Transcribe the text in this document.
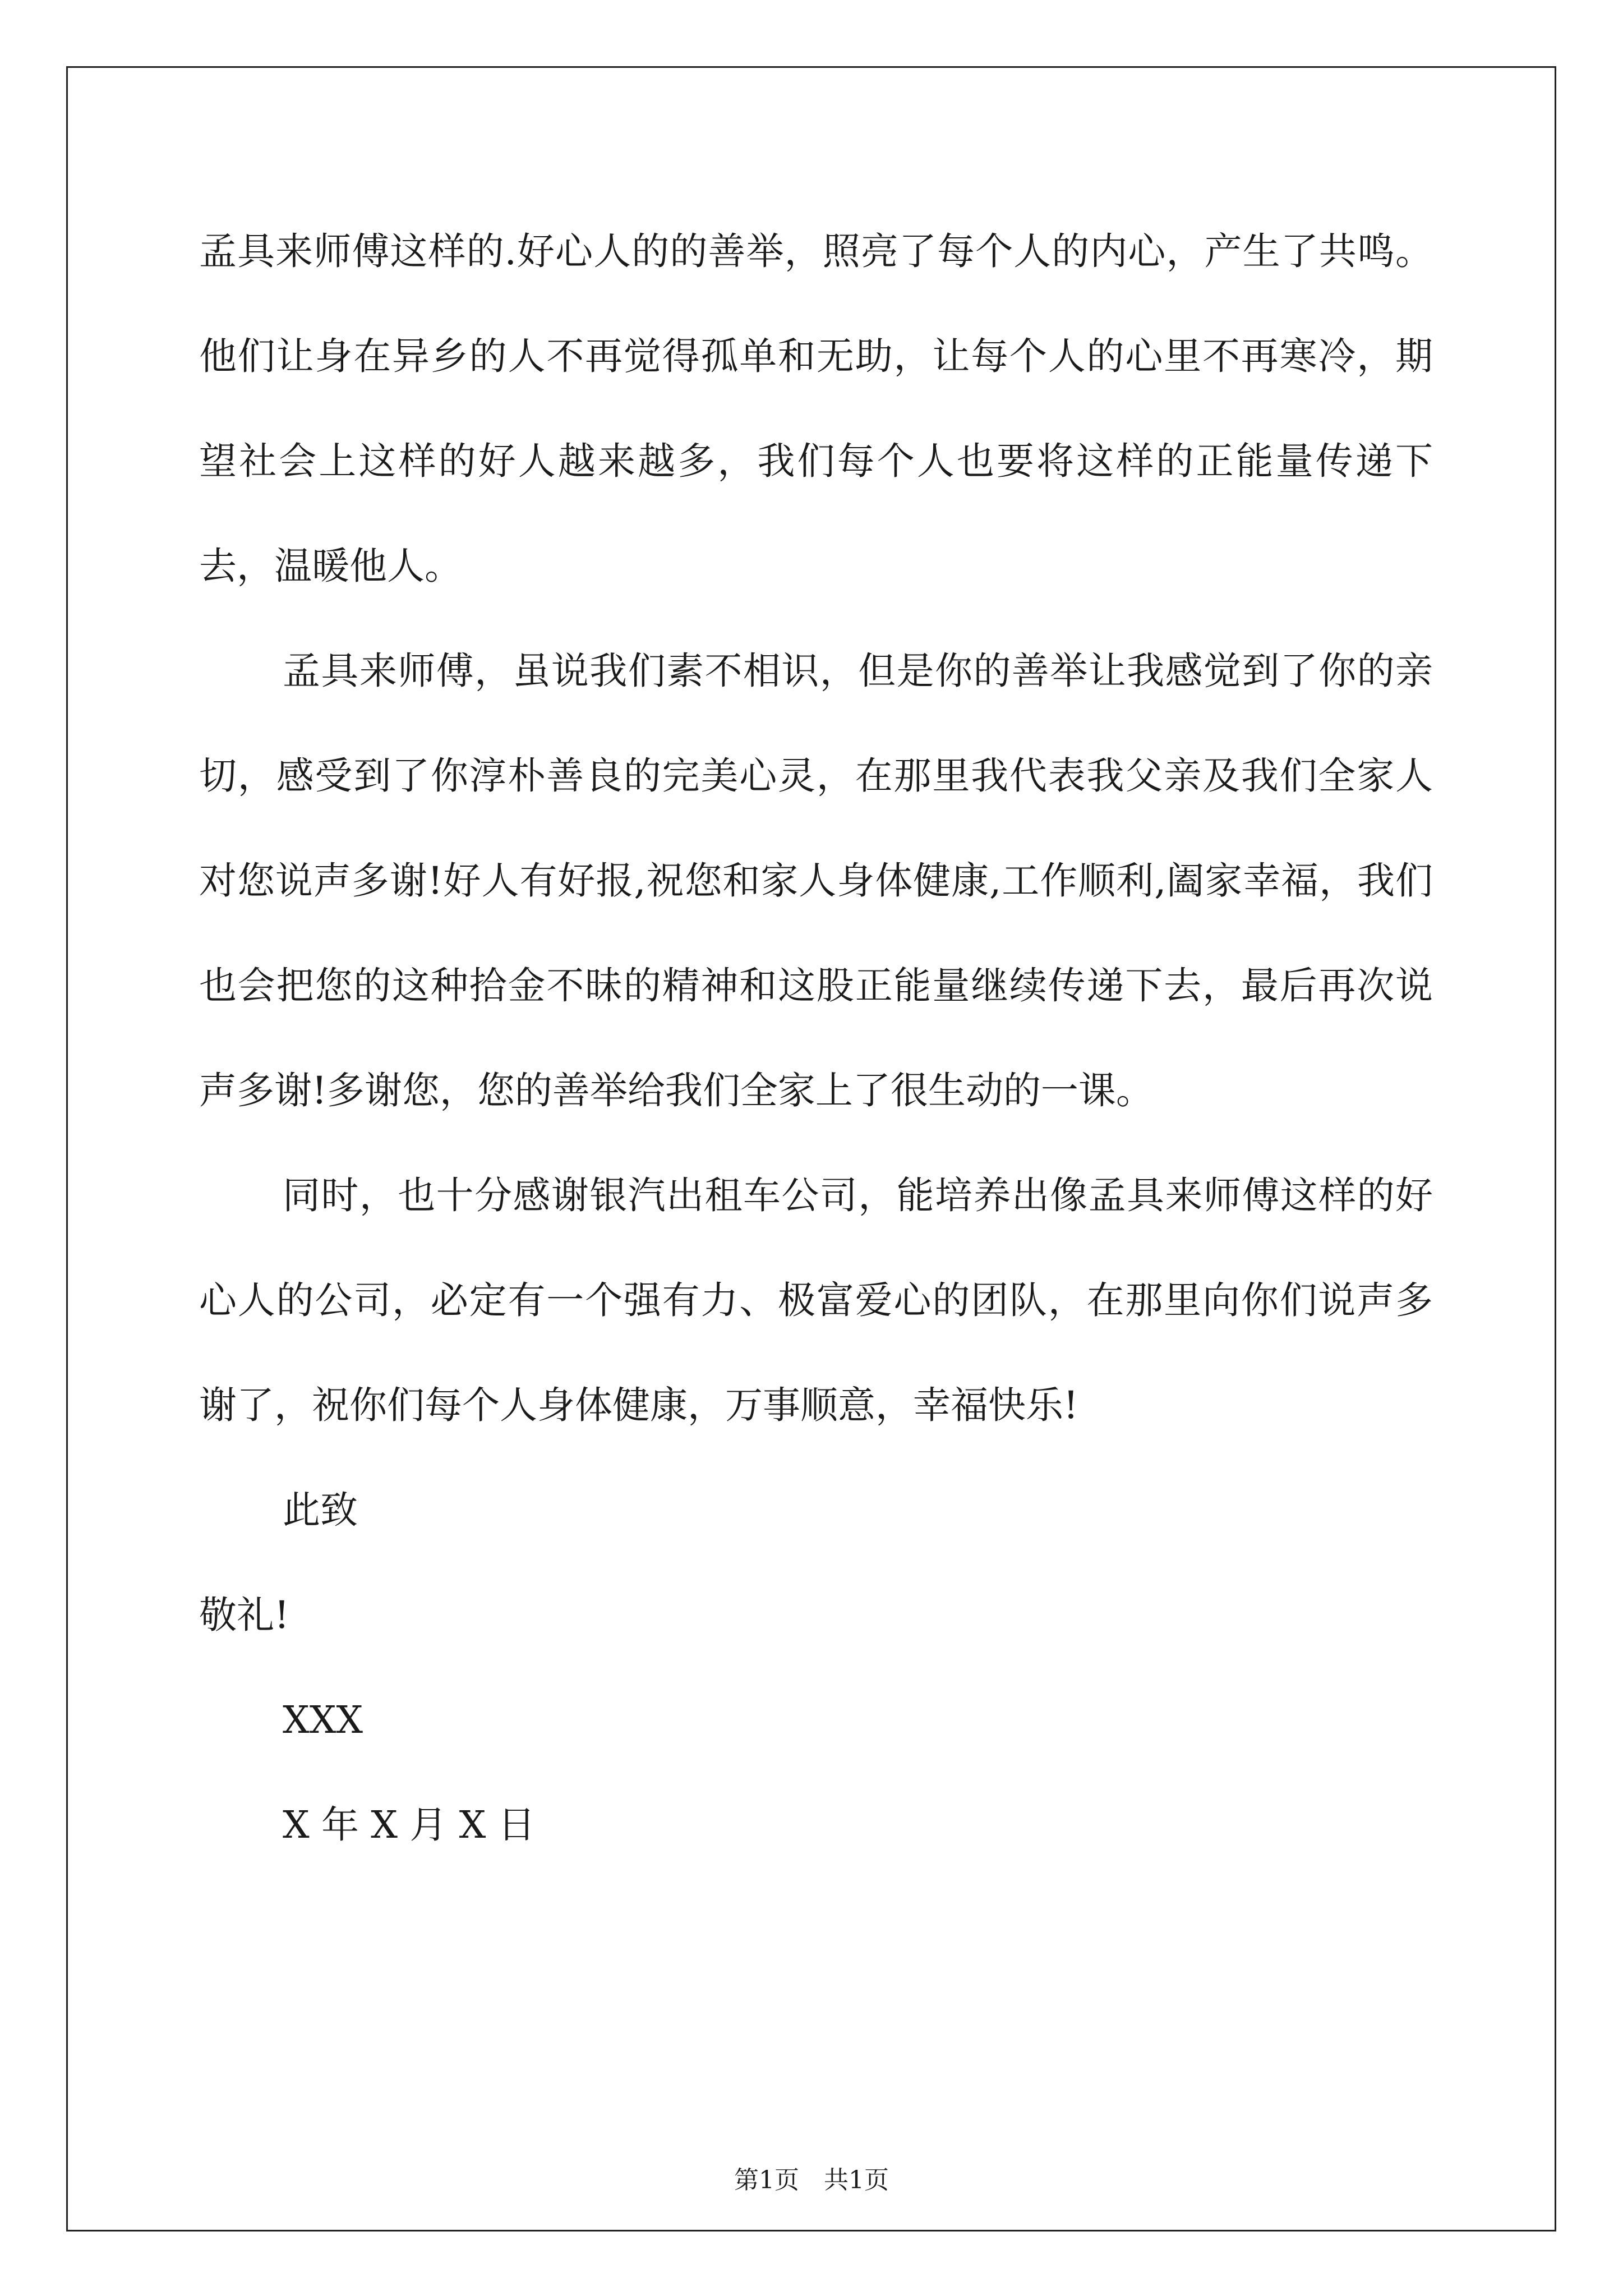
孟具来师傅这样的.好心人的的善举，照亮了每个人的内心，产生了共鸣。他们让身在异乡的人不再觉得孤单和无助，让每个人的心里不再寒冷，期望社会上这样的好人越来越多，我们每个人也要将这样的正能量传递下去，温暖他人。

孟具来师傅，虽说我们素不相识，但是你的善举让我感觉到了你的亲切，感受到了你淳朴善良的完美心灵，在那里我代表我父亲及我们全家人对您说声多谢!好人有好报,祝您和家人身体健康,工作顺利,阖家幸福，我们也会把您的这种拾金不昧的精神和这股正能量继续传递下去，最后再次说声多谢!多谢您，您的善举给我们全家上了很生动的一课。

同时，也十分感谢银汽出租车公司，能培养出像孟具来师傅这样的好心人的公司，必定有一个强有力、极富爱心的团队，在那里向你们说声多谢了，祝你们每个人身体健康，万事顺意，幸福快乐!

此致

敬礼!

XXX

X 年 X 月 X 日

第1页 共1页
